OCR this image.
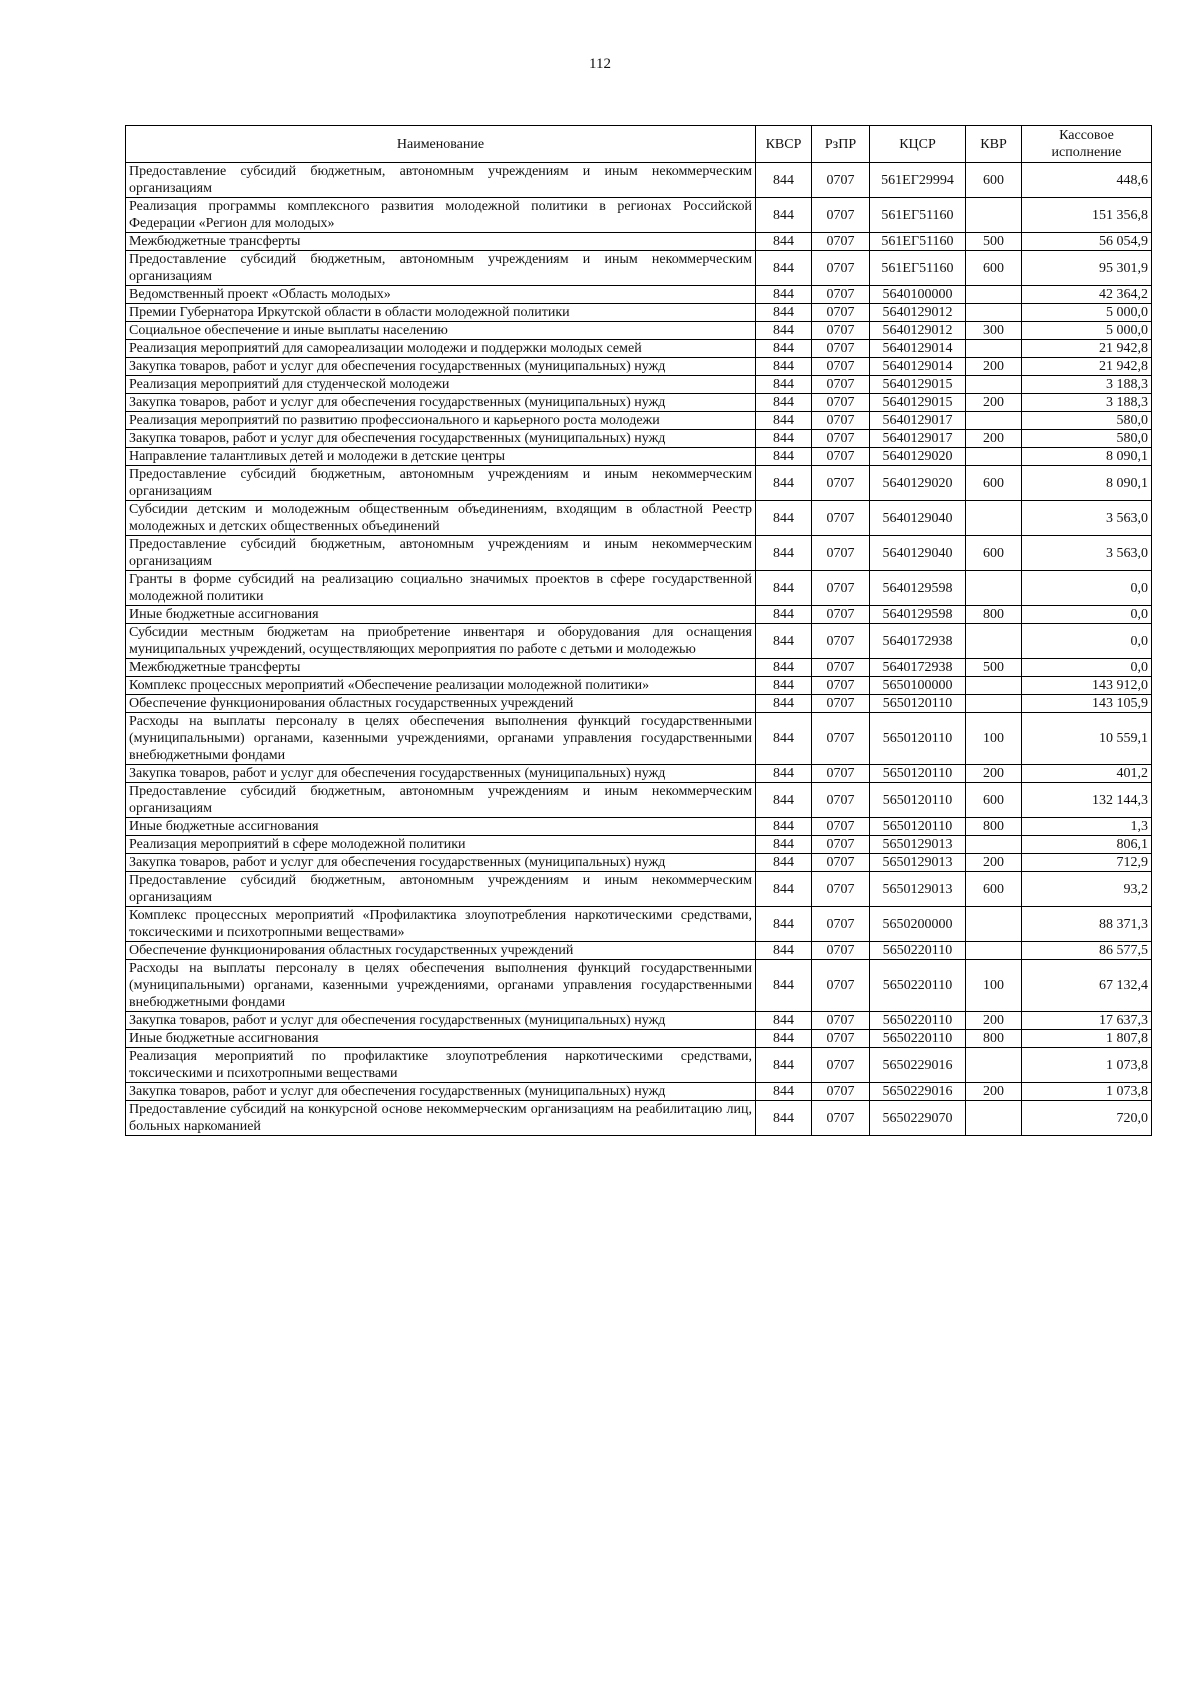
112
Наименование	КВСР	РзПР	КЦСР	КВР	Кассовое исполнение
Предоставление субсидий бюджетным, автономным учреждениям и иным некоммерческим организациям	844	0707	561ЕГ29994	600	448,6
Реализация программы комплексного развития молодежной политики в регионах Российской Федерации «Регион для молодых»	844	0707	561ЕГ51160		151 356,8
Межбюджетные трансферты	844	0707	561ЕГ51160	500	56 054,9
Предоставление субсидий бюджетным, автономным учреждениям и иным некоммерческим организациям	844	0707	561ЕГ51160	600	95 301,9
Ведомственный проект «Область молодых»	844	0707	5640100000		42 364,2
Премии Губернатора Иркутской области в области молодежной политики	844	0707	5640129012		5 000,0
Социальное обеспечение и иные выплаты населению	844	0707	5640129012	300	5 000,0
Реализация мероприятий для самореализации молодежи и поддержки молодых семей	844	0707	5640129014		21 942,8
Закупка товаров, работ и услуг для обеспечения государственных (муниципальных) нужд	844	0707	5640129014	200	21 942,8
Реализация мероприятий для студенческой молодежи	844	0707	5640129015		3 188,3
Закупка товаров, работ и услуг для обеспечения государственных (муниципальных) нужд	844	0707	5640129015	200	3 188,3
Реализация мероприятий по развитию профессионального и карьерного роста молодежи	844	0707	5640129017		580,0
Закупка товаров, работ и услуг для обеспечения государственных (муниципальных) нужд	844	0707	5640129017	200	580,0
Направление талантливых детей и молодежи в детские центры	844	0707	5640129020		8 090,1
Предоставление субсидий бюджетным, автономным учреждениям и иным некоммерческим организациям	844	0707	5640129020	600	8 090,1
Субсидии детским и молодежным общественным объединениям, входящим в областной Реестр молодежных и детских общественных объединений	844	0707	5640129040		3 563,0
Предоставление субсидий бюджетным, автономным учреждениям и иным некоммерческим организациям	844	0707	5640129040	600	3 563,0
Гранты в форме субсидий на реализацию социально значимых проектов в сфере государственной молодежной политики	844	0707	5640129598		0,0
Иные бюджетные ассигнования	844	0707	5640129598	800	0,0
Субсидии местным бюджетам на приобретение инвентаря и оборудования для оснащения муниципальных учреждений, осуществляющих мероприятия по работе с детьми и молодежью	844	0707	5640172938		0,0
Межбюджетные трансферты	844	0707	5640172938	500	0,0
Комплекс процессных мероприятий «Обеспечение реализации молодежной политики»	844	0707	5650100000		143 912,0
Обеспечение функционирования областных государственных учреждений	844	0707	5650120110		143 105,9
Расходы на выплаты персоналу в целях обеспечения выполнения функций государственными (муниципальными) органами, казенными учреждениями, органами управления государственными внебюджетными фондами	844	0707	5650120110	100	10 559,1
Закупка товаров, работ и услуг для обеспечения государственных (муниципальных) нужд	844	0707	5650120110	200	401,2
Предоставление субсидий бюджетным, автономным учреждениям и иным некоммерческим организациям	844	0707	5650120110	600	132 144,3
Иные бюджетные ассигнования	844	0707	5650120110	800	1,3
Реализация мероприятий в сфере молодежной политики	844	0707	5650129013		806,1
Закупка товаров, работ и услуг для обеспечения государственных (муниципальных) нужд	844	0707	5650129013	200	712,9
Предоставление субсидий бюджетным, автономным учреждениям и иным некоммерческим организациям	844	0707	5650129013	600	93,2
Комплекс процессных мероприятий «Профилактика злоупотребления наркотическими средствами, токсическими и психотропными веществами»	844	0707	5650200000		88 371,3
Обеспечение функционирования областных государственных учреждений	844	0707	5650220110		86 577,5
Расходы на выплаты персоналу в целях обеспечения выполнения функций государственными (муниципальными) органами, казенными учреждениями, органами управления государственными внебюджетными фондами	844	0707	5650220110	100	67 132,4
Закупка товаров, работ и услуг для обеспечения государственных (муниципальных) нужд	844	0707	5650220110	200	17 637,3
Иные бюджетные ассигнования	844	0707	5650220110	800	1 807,8
Реализация мероприятий по профилактике злоупотребления наркотическими средствами, токсическими и психотропными веществами	844	0707	5650229016		1 073,8
Закупка товаров, работ и услуг для обеспечения государственных (муниципальных) нужд	844	0707	5650229016	200	1 073,8
Предоставление субсидий на конкурсной основе некоммерческим организациям на реабилитацию лиц, больных наркоманией	844	0707	5650229070		720,0
